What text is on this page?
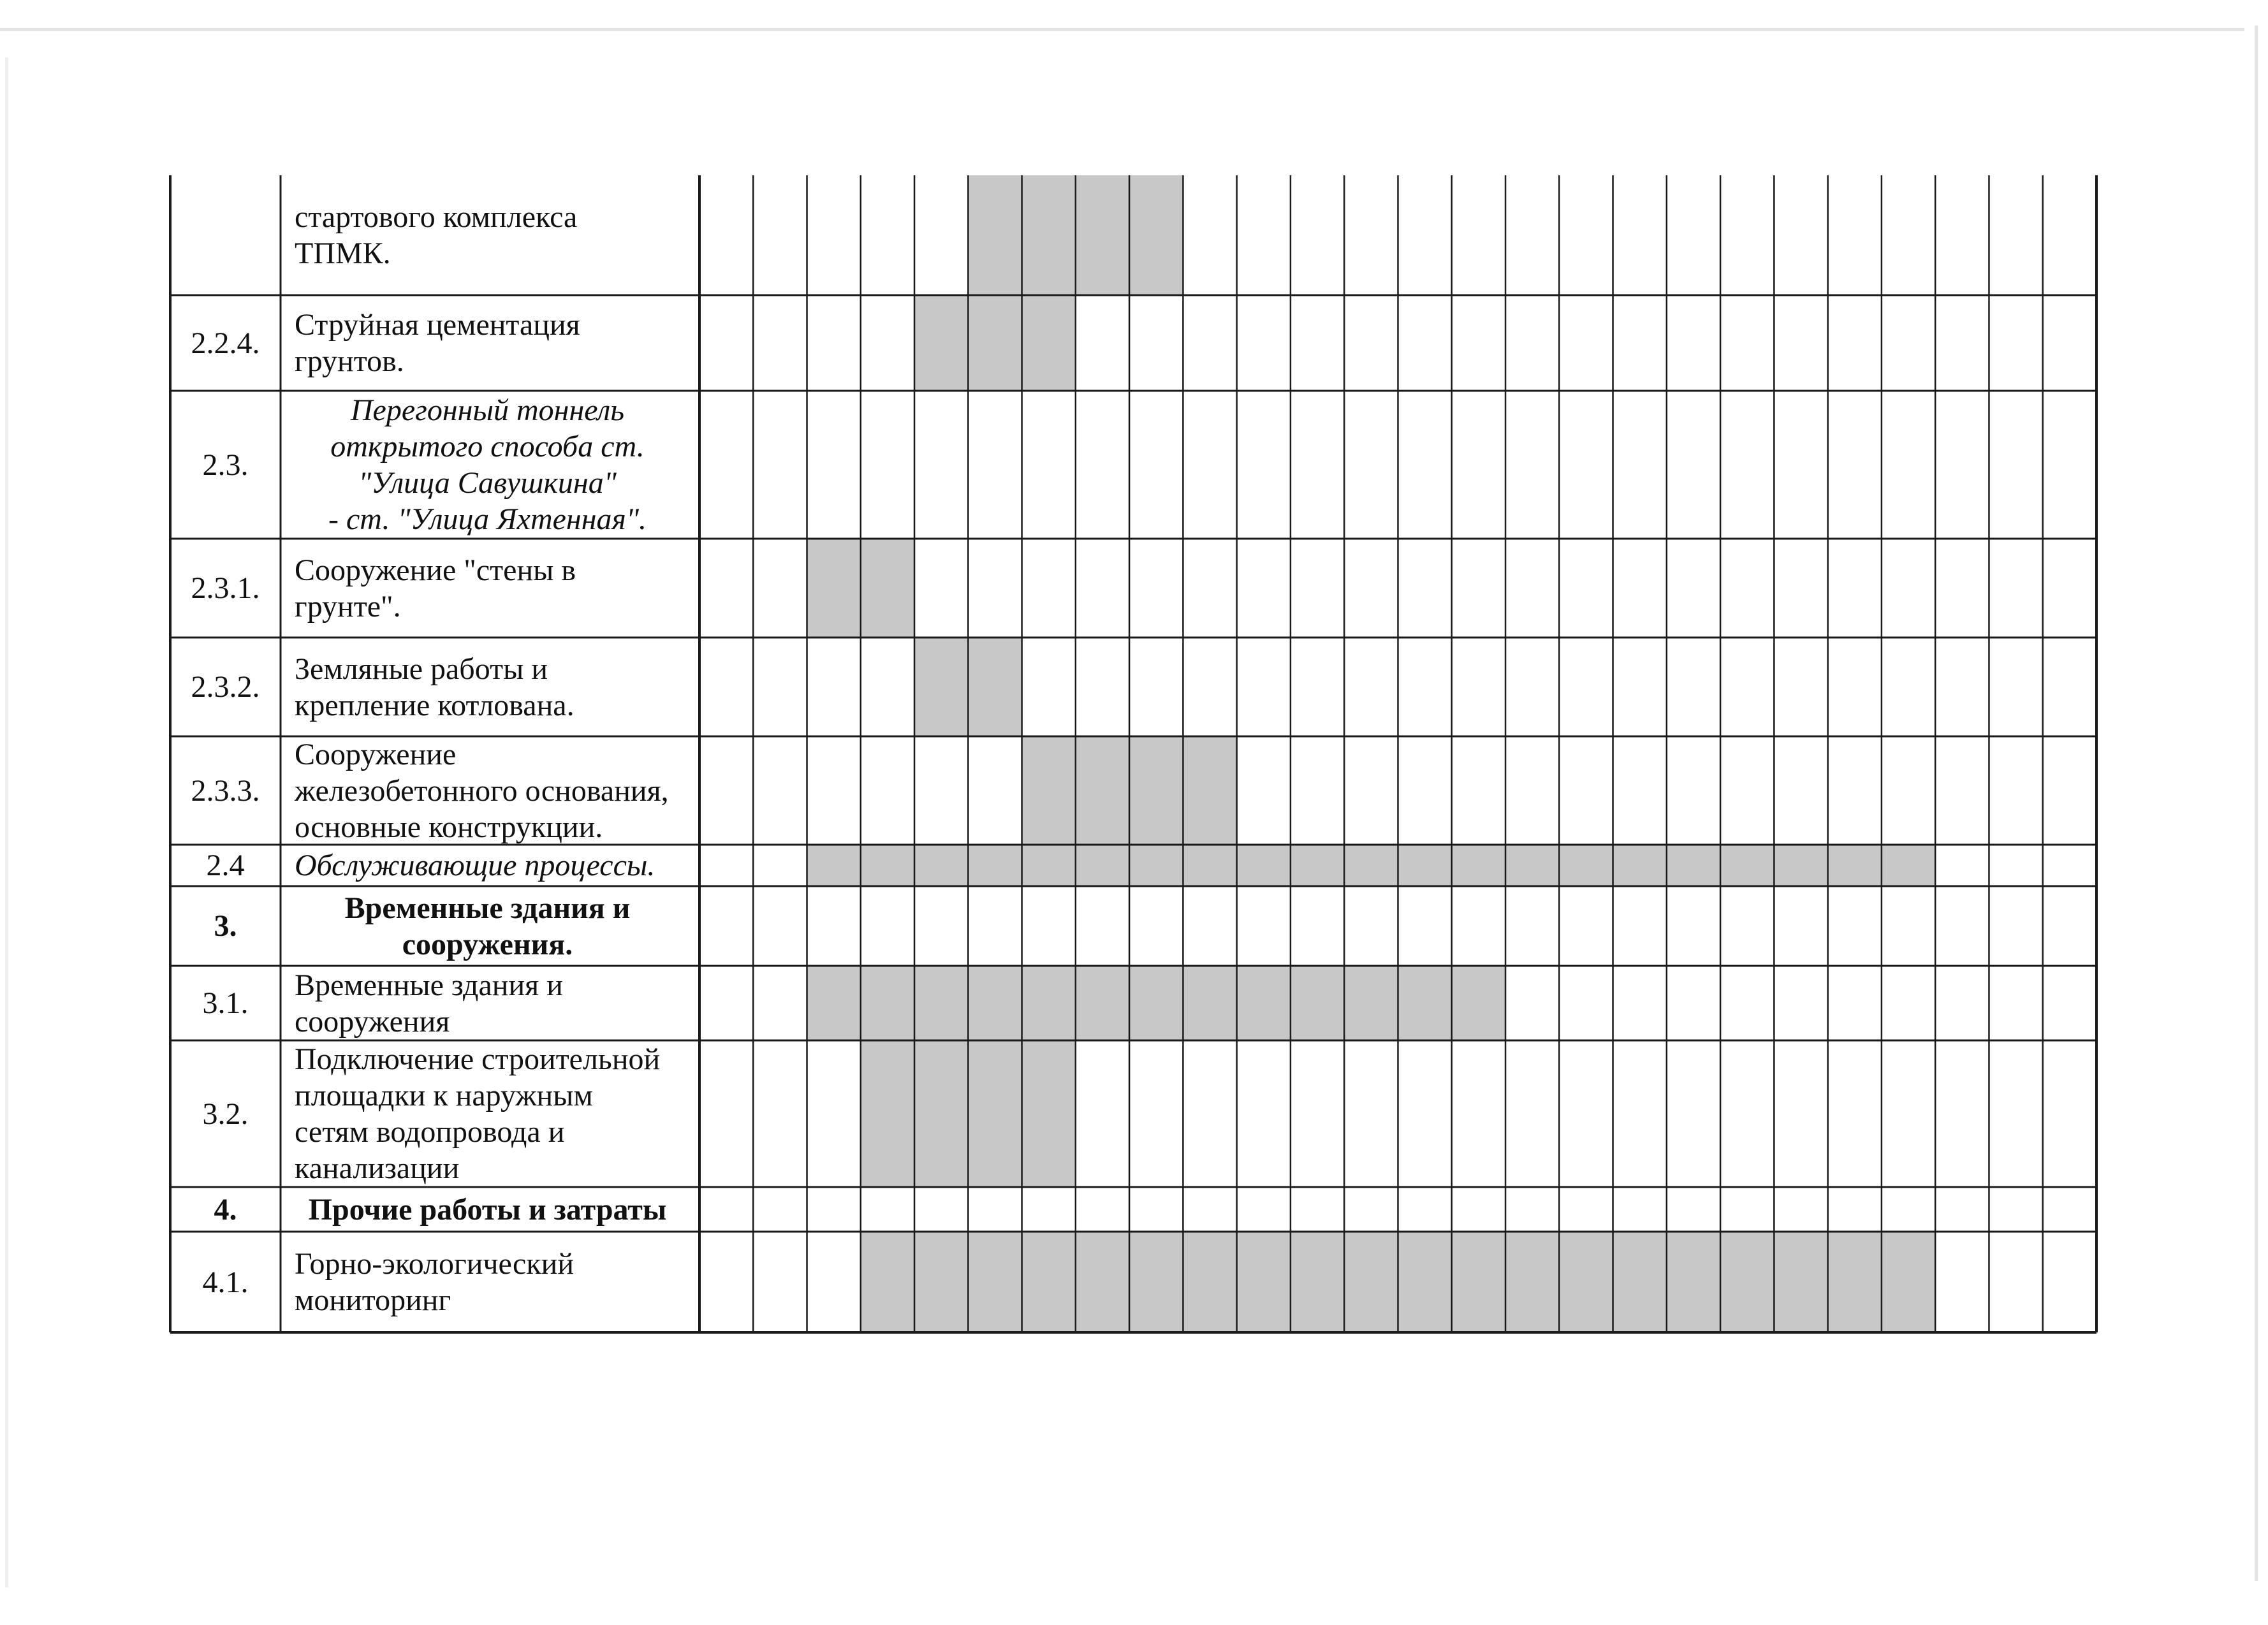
стартового комплекса
ТПМК.
2.2.4.
Струйная цементация
грунтов.
2.3.
Перегонный тоннель
открытого способа ст.
"Улица Савушкина"
- ст. "Улица Яхтенная".
2.3.1.
Сооружение "стены в
грунте".
2.3.2.
Земляные работы и
крепление котлована.
2.3.3.
Сооружение
железобетонного основания,
основные конструкции.
2.4	Обслуживающие процессы.
3.
Временные здания и
сооружения.
3.1.
Временные здания и
сооружения
3.2.
Подключение строительной
площадки к наружным
сетям водопровода и
канализации
4.	Прочие работы и затраты
4.1.
Горно-экологический
мониторинг
